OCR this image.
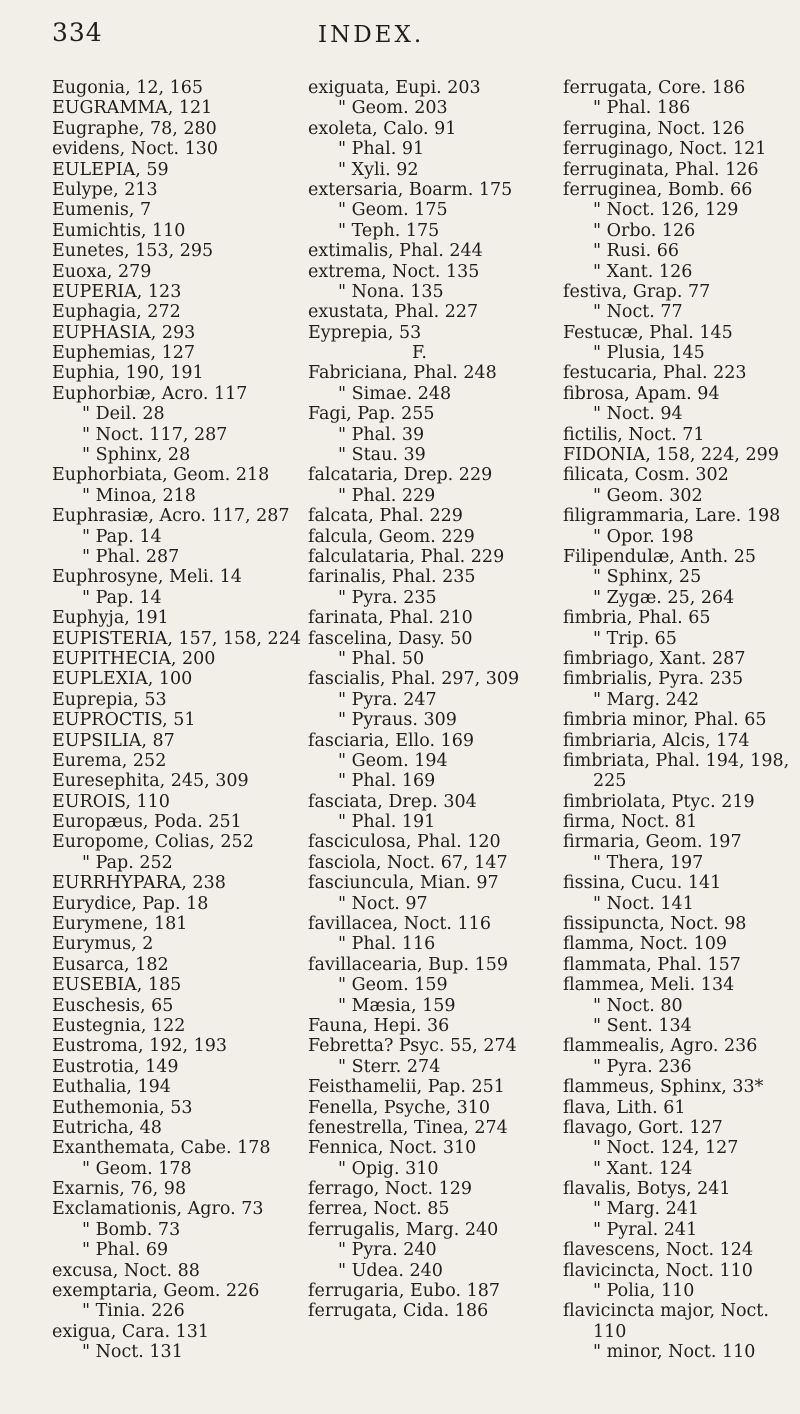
334	INDEX.
Eugonia, 12, 165
EUGRAMMA, 121
Eugraphe, 78, 280
evidens, Noct. 130
EULEPIA, 59
Eulype, 213
Eumenis, 7
Eumichtis, 110
Eunetes, 153, 295
Euoxa, 279
EUPERIA, 123
Euphagia, 272
EUPHASIA, 293
Euphemias, 127
Euphia, 190, 191
Euphorbiæ, Acro. 117
" Deil. 28
" Noct. 117, 287
" Sphinx, 28
Euphorbiata, Geom. 218
" Minoa, 218
Euphrasiæ, Acro. 117, 287
" Pap. 14
" Phal. 287
Euphrosyne, Meli. 14
" Pap. 14
Euphyja, 191
EUPISTERIA, 157, 158, 224
EUPITHECIA, 200
EUPLEXIA, 100
Euprepia, 53
EUPROCTIS, 51
EUPSILIA, 87
Eurema, 252
Euresephita, 245, 309
EUROIS, 110
Europæus, Poda. 251
Europome, Colias, 252
" Pap. 252
EURRHYPARA, 238
Eurydice, Pap. 18
Eurymene, 181
Eurymus, 2
Eusarca, 182
EUSEBIA, 185
Euschesis, 65
Eustegnia, 122
Eustroma, 192, 193
Eustrotia, 149
Euthalia, 194
Euthemonia, 53
Eutricha, 48
Exanthemata, Cabe. 178
" Geom. 178
Exarnis, 76, 98
Exclamationis, Agro. 73
" Bomb. 73
" Phal. 69
excusa, Noct. 88
exemptaria, Geom. 226
" Tinia. 226
exigua, Cara. 131
" Noct. 131
exiguata, Eupi. 203
" Geom. 203
exoleta, Calo. 91
" Phal. 91
" Xyli. 92
extersaria, Boarm. 175
" Geom. 175
" Teph. 175
extimalis, Phal. 244
extrema, Noct. 135
" Nona. 135
exustata, Phal. 227
Eyprepia, 53
F.
Fabriciana, Phal. 248
" Simae. 248
Fagi, Pap. 255
" Phal. 39
" Stau. 39
falcataria, Drep. 229
" Phal. 229
falcata, Phal. 229
falcula, Geom. 229
falculataria, Phal. 229
farinalis, Phal. 235
" Pyra. 235
farinata, Phal. 210
fascelina, Dasy. 50
" Phal. 50
fascialis, Phal. 297, 309
" Pyra. 247
" Pyraus. 309
fasciaria, Ello. 169
" Geom. 194
" Phal. 169
fasciata, Drep. 304
" Phal. 191
fasciculosa, Phal. 120
fasciola, Noct. 67, 147
fasciuncula, Mian. 97
" Noct. 97
favillacea, Noct. 116
" Phal. 116
favillacearia, Bup. 159
" Geom. 159
" Mæsia, 159
Fauna, Hepi. 36
Febretta? Psyc. 55, 274
" Sterr. 274
Feisthamelii, Pap. 251
Fenella, Psyche, 310
fenestrella, Tinea, 274
Fennica, Noct. 310
" Opig. 310
ferrago, Noct. 129
ferrea, Noct. 85
ferrugalis, Marg. 240
" Pyra. 240
" Udea. 240
ferrugaria, Eubo. 187
ferrugata, Cida. 186
ferrugata, Core. 186
" Phal. 186
ferrugina, Noct. 126
ferruginago, Noct. 121
ferruginata, Phal. 126
ferruginea, Bomb. 66
" Noct. 126, 129
" Orbo. 126
" Rusi. 66
" Xant. 126
festiva, Grap. 77
" Noct. 77
Festucæ, Phal. 145
" Plusia, 145
festucaria, Phal. 223
fibrosa, Apam. 94
" Noct. 94
fictilis, Noct. 71
FIDONIA, 158, 224, 299
filicata, Cosm. 302
" Geom. 302
filigrammaria, Lare. 198
" Opor. 198
Filipendulæ, Anth. 25
" Sphinx, 25
" Zygæ. 25, 264
fimbria, Phal. 65
" Trip. 65
fimbriago, Xant. 287
fimbrialis, Pyra. 235
" Marg. 242
fimbria minor, Phal. 65
fimbriaria, Alcis, 174
fimbriata, Phal. 194, 198,
225
fimbriolata, Ptyc. 219
firma, Noct. 81
firmaria, Geom. 197
" Thera, 197
fissina, Cucu. 141
" Noct. 141
fissipuncta, Noct. 98
flamma, Noct. 109
flammata, Phal. 157
flammea, Meli. 134
" Noct. 80
" Sent. 134
flammealis, Agro. 236
" Pyra. 236
flammeus, Sphinx, 33*
flava, Lith. 61
flavago, Gort. 127
" Noct. 124, 127
" Xant. 124
flavalis, Botys, 241
" Marg. 241
" Pyral. 241
flavescens, Noct. 124
flavicincta, Noct. 110
" Polia, 110
flavicincta major, Noct.
110
" minor, Noct. 110
